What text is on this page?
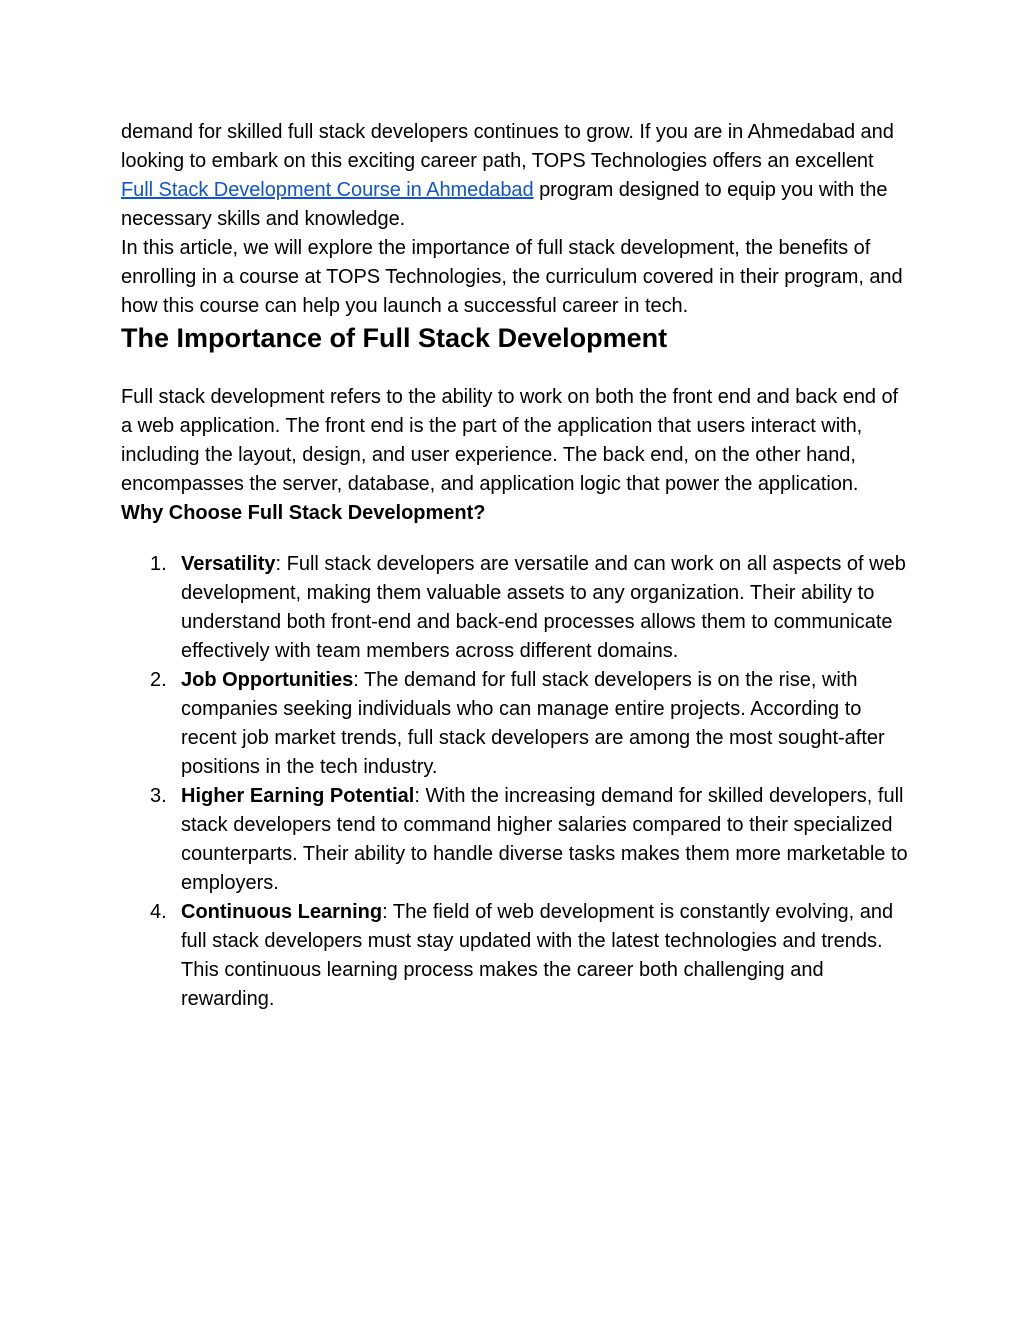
demand for skilled full stack developers continues to grow. If you are in Ahmedabad and looking to embark on this exciting career path, TOPS Technologies offers an excellent Full Stack Development Course in Ahmedabad program designed to equip you with the necessary skills and knowledge.

In this article, we will explore the importance of full stack development, the benefits of enrolling in a course at TOPS Technologies, the curriculum covered in their program, and how this course can help you launch a successful career in tech.

The Importance of Full Stack Development

Full stack development refers to the ability to work on both the front end and back end of a web application. The front end is the part of the application that users interact with, including the layout, design, and user experience. The back end, on the other hand, encompasses the server, database, and application logic that power the application.

Why Choose Full Stack Development?
1. Versatility: Full stack developers are versatile and can work on all aspects of web development, making them valuable assets to any organization. Their ability to understand both front-end and back-end processes allows them to communicate effectively with team members across different domains.
2. Job Opportunities: The demand for full stack developers is on the rise, with companies seeking individuals who can manage entire projects. According to recent job market trends, full stack developers are among the most sought-after positions in the tech industry.
3. Higher Earning Potential: With the increasing demand for skilled developers, full stack developers tend to command higher salaries compared to their specialized counterparts. Their ability to handle diverse tasks makes them more marketable to employers.
4. Continuous Learning: The field of web development is constantly evolving, and full stack developers must stay updated with the latest technologies and trends. This continuous learning process makes the career both challenging and rewarding.
